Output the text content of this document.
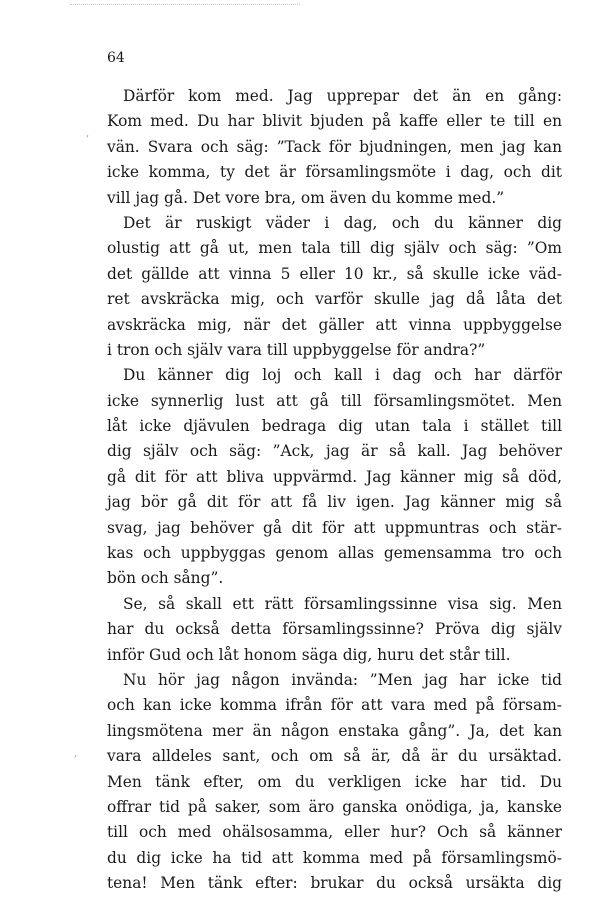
64
Därför kom med. Jag upprepar det än en gång:
Kom med. Du har blivit bjuden på kaffe eller te till en
vän. Svara och säg: ”Tack för bjudningen, men jag kan
icke komma, ty det är församlingsmöte i dag, och dit
vill jag gå. Det vore bra, om även du komme med.”
Det är ruskigt väder i dag, och du känner dig
olustig att gå ut, men tala till dig själv och säg: ”Om
det gällde att vinna 5 eller 10 kr., så skulle icke väd-
ret avskräcka mig, och varför skulle jag då låta det
avskräcka mig, när det gäller att vinna uppbyggelse
i tron och själv vara till uppbyggelse för andra?”
Du känner dig loj och kall i dag och har därför
icke synnerlig lust att gå till församlingsmötet. Men
låt icke djävulen bedraga dig utan tala i stället till
dig själv och säg: ”Ack, jag är så kall. Jag behöver
gå dit för att bliva uppvärmd. Jag känner mig så död,
jag bör gå dit för att få liv igen. Jag känner mig så
svag, jag behöver gå dit för att uppmuntras och stär-
kas och uppbyggas genom allas gemensamma tro och
bön och sång”.
Se, så skall ett rätt församlingssinne visa sig. Men
har du också detta församlingssinne? Pröva dig själv
inför Gud och låt honom säga dig, huru det står till.
Nu hör jag någon invända: ”Men jag har icke tid
och kan icke komma ifrån för att vara med på försam-
lingsmötena mer än någon enstaka gång”. Ja, det kan
vara alldeles sant, och om så är, då är du ursäktad.
Men tänk efter, om du verkligen icke har tid. Du
offrar tid på saker, som äro ganska onödiga, ja, kanske
till och med ohälsosamma, eller hur? Och så känner
du dig icke ha tid att komma med på församlingsmö-
tena! Men tänk efter: brukar du också ursäkta dig
,
,
